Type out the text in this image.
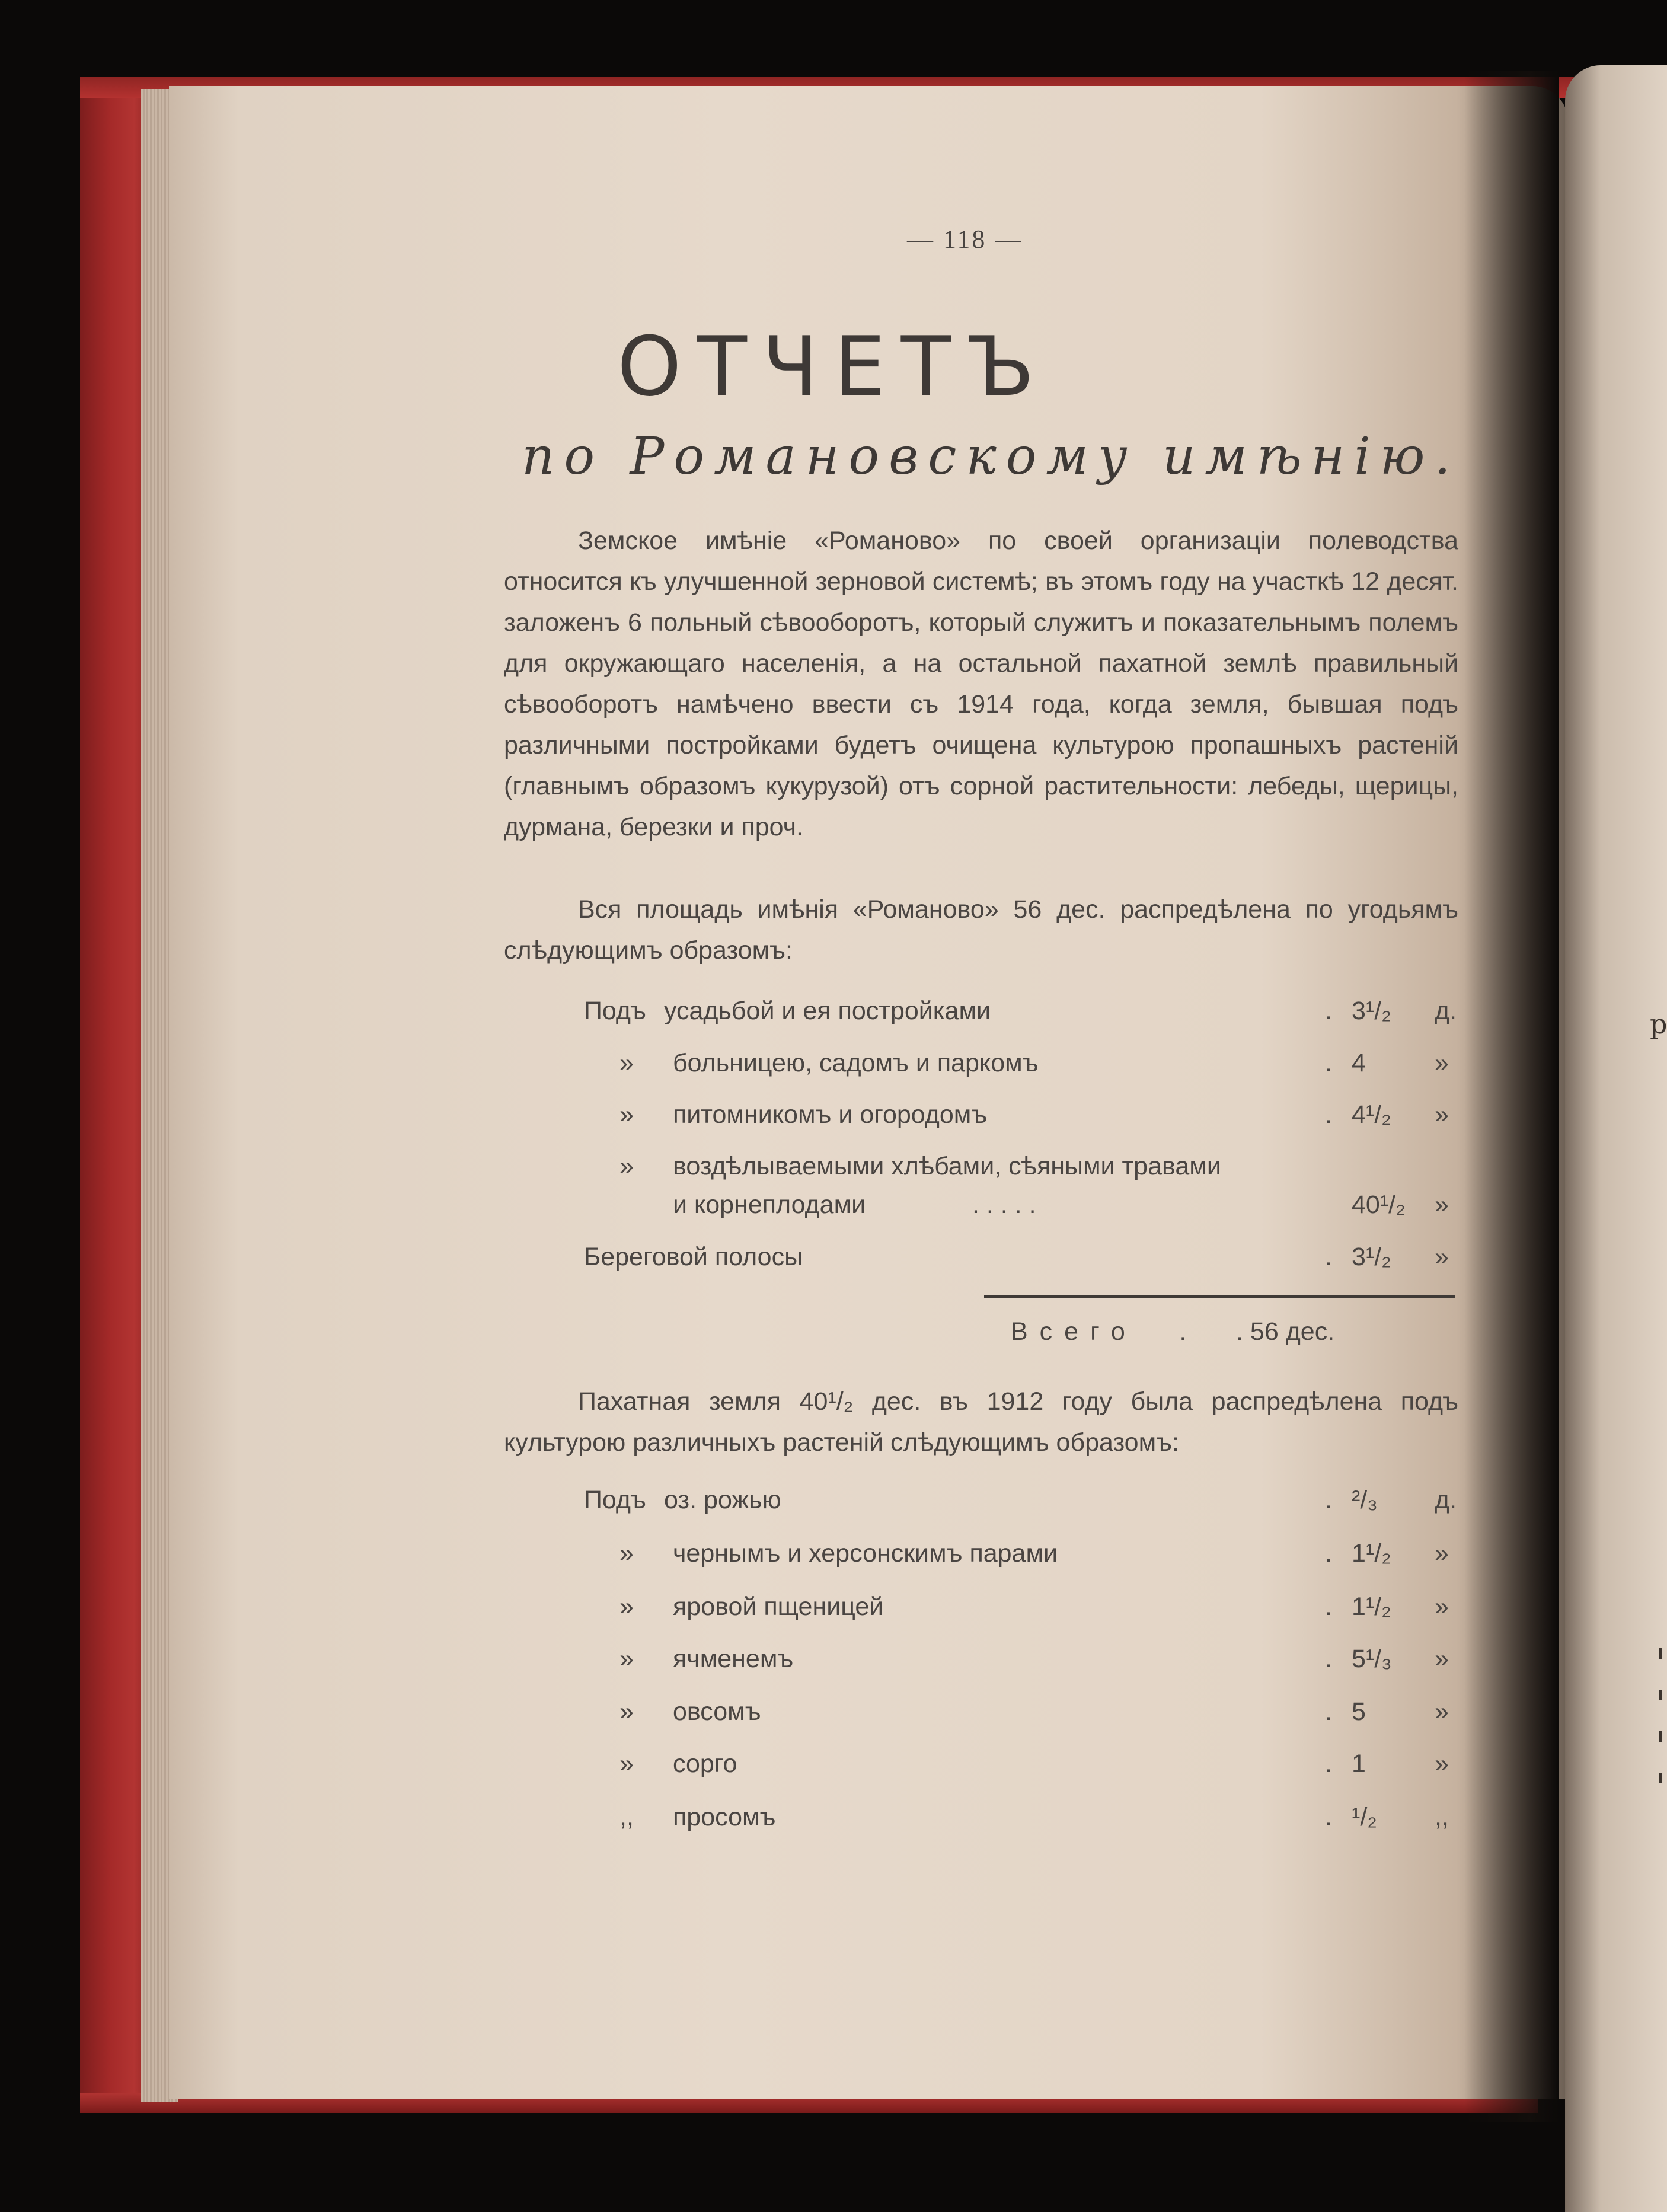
р
— 118 —
ОТЧЕТЪ
по Романовскому имѣнію.

Земское имѣніе «Романово» по своей организаціи полеводства относится къ улучшенной зерновой системѣ; въ этомъ году на участкѣ 12 десят. заложенъ 6 польный сѣвооборотъ, который служитъ и показательнымъ полемъ для окружающаго населенія, а на остальной пахатной землѣ правильный сѣвооборотъ намѣчено ввести съ 1914 года, когда земля, бывшая подъ различными постройками будетъ очищена культурою пропашныхъ растеній (главнымъ образомъ кукурузой) отъ сорной растительности: лебеды, щерицы, дурмана, березки и проч.

Вся площадь имѣнія «Романово» 56 дес. распредѣлена по угодьямъ слѣдующимъ образомъ:

Подъ усадьбой и ея постройками	. 3¹/₂ д.
» больницею, садомъ и паркомъ	. 4	»
» питомникомъ и огородомъ	. 4¹/₂ »
» воздѣлываемыми хлѣбами, сѣяными травами
и корнеплодами	. . . . .	40¹/₂ »
Береговой полосы	. 3¹/₂ »
Всего      .       . 56 дес.

Пахатная земля 40¹/₂ дес. въ 1912 году была распредѣлена подъ культурою различныхъ растеній слѣдующимъ образомъ:

Подъ оз. рожью	. ²/₃ д.
» чернымъ и херсонскимъ парами	. 1¹/₂ »
» яровой пщеницей	. 1¹/₂ »
» ячменемъ	. 5¹/₃ »
» овсомъ	. 5	»
» сорго	. 1	»
,, просомъ	. ¹/₂ ,,
